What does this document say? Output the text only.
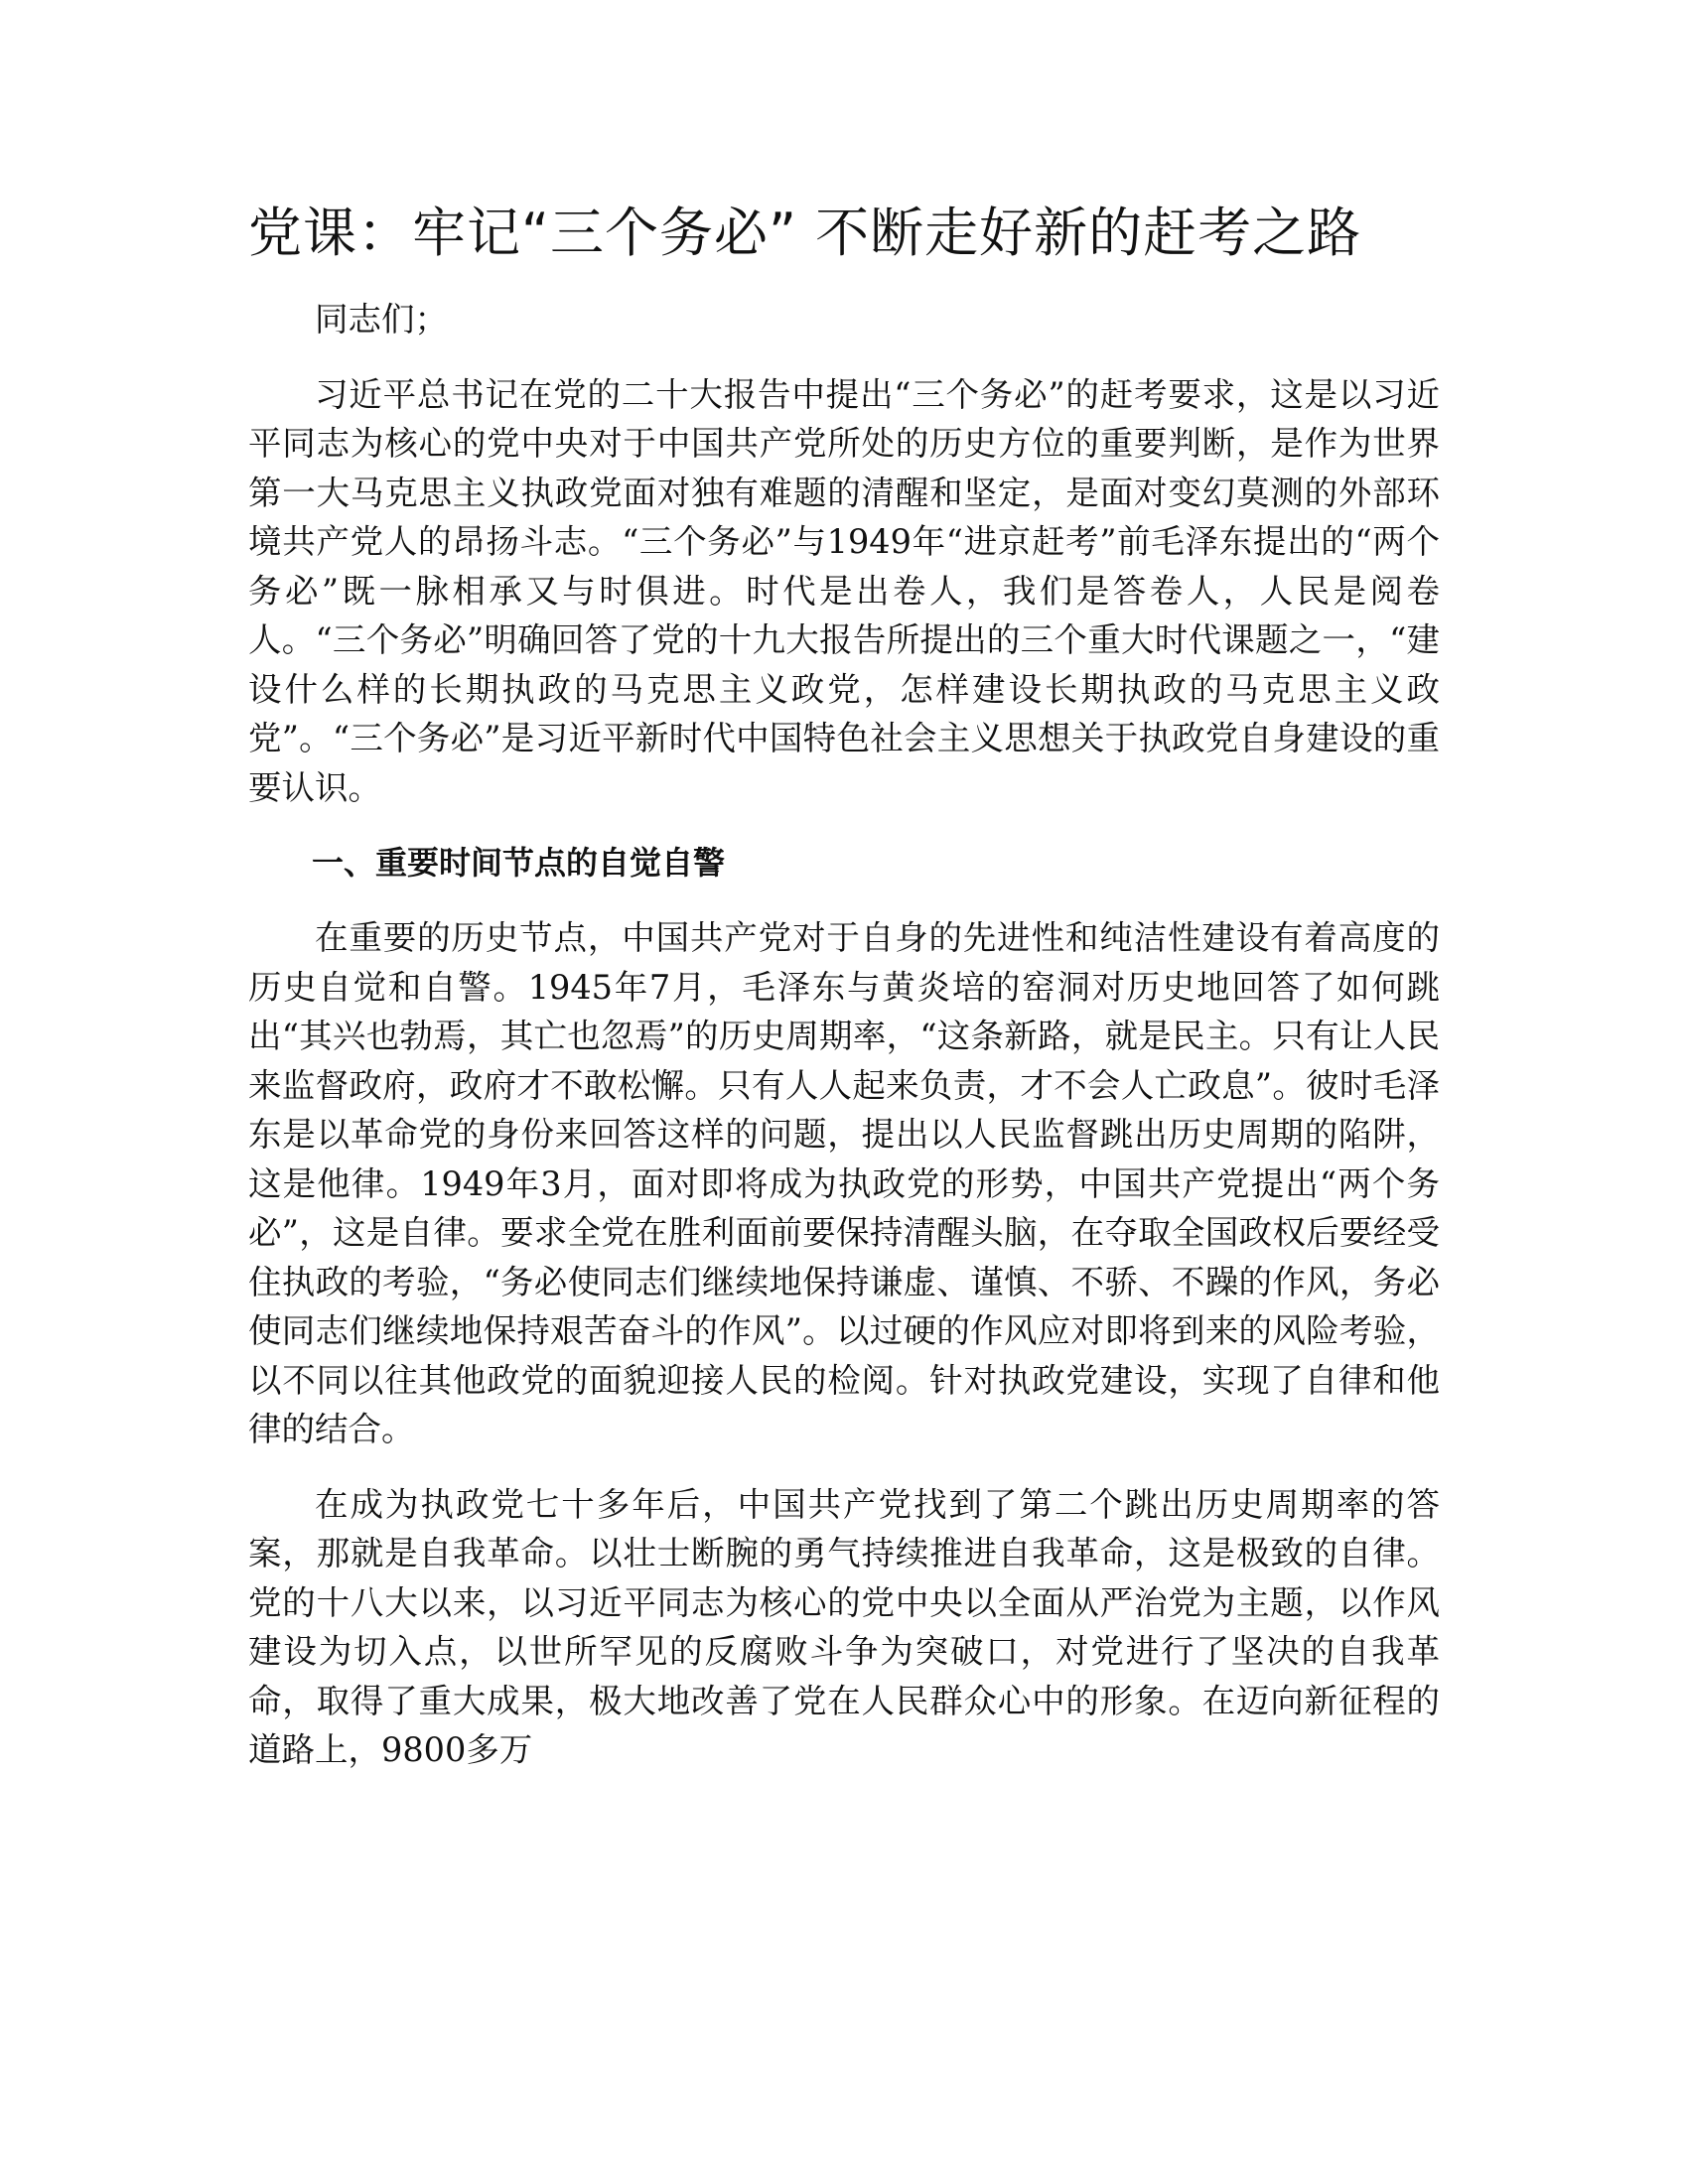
党课：牢记“三个务必” 不断走好新的赶考之路

同志们；

习近平总书记在党的二十大报告中提出“三个务必”的赶考要求，这是以习近平同志为核心的党中央对于中国共产党所处的历史方位的重要判断，是作为世界第一大马克思主义执政党面对独有难题的清醒和坚定，是面对变幻莫测的外部环境共产党人的昂扬斗志。“三个务必”与1949年“进京赶考”前毛泽东提出的“两个务必”既一脉相承又与时俱进。时代是出卷人，我们是答卷人，人民是阅卷人。“三个务必”明确回答了党的十九大报告所提出的三个重大时代课题之一，“建设什么样的长期执政的马克思主义政党，怎样建设长期执政的马克思主义政党”。“三个务必”是习近平新时代中国特色社会主义思想关于执政党自身建设的重要认识。

一、重要时间节点的自觉自警

在重要的历史节点，中国共产党对于自身的先进性和纯洁性建设有着高度的历史自觉和自警。1945年7月，毛泽东与黄炎培的窑洞对历史地回答了如何跳出“其兴也勃焉，其亡也忽焉”的历史周期率，“这条新路，就是民主。只有让人民来监督政府，政府才不敢松懈。只有人人起来负责，才不会人亡政息”。彼时毛泽东是以革命党的身份来回答这样的问题，提出以人民监督跳出历史周期的陷阱，这是他律。1949年3月，面对即将成为执政党的形势，中国共产党提出“两个务必”，这是自律。要求全党在胜利面前要保持清醒头脑，在夺取全国政权后要经受住执政的考验，“务必使同志们继续地保持谦虚、谨慎、不骄、不躁的作风，务必使同志们继续地保持艰苦奋斗的作风”。以过硬的作风应对即将到来的风险考验，以不同以往其他政党的面貌迎接人民的检阅。针对执政党建设，实现了自律和他律的结合。

在成为执政党七十多年后，中国共产党找到了第二个跳出历史周期率的答案，那就是自我革命。以壮士断腕的勇气持续推进自我革命，这是极致的自律。党的十八大以来，以习近平同志为核心的党中央以全面从严治党为主题，以作风建设为切入点，以世所罕见的反腐败斗争为突破口，对党进行了坚决的自我革命，取得了重大成果，极大地改善了党在人民群众心中的形象。在迈向新征程的道路上，9800多万
